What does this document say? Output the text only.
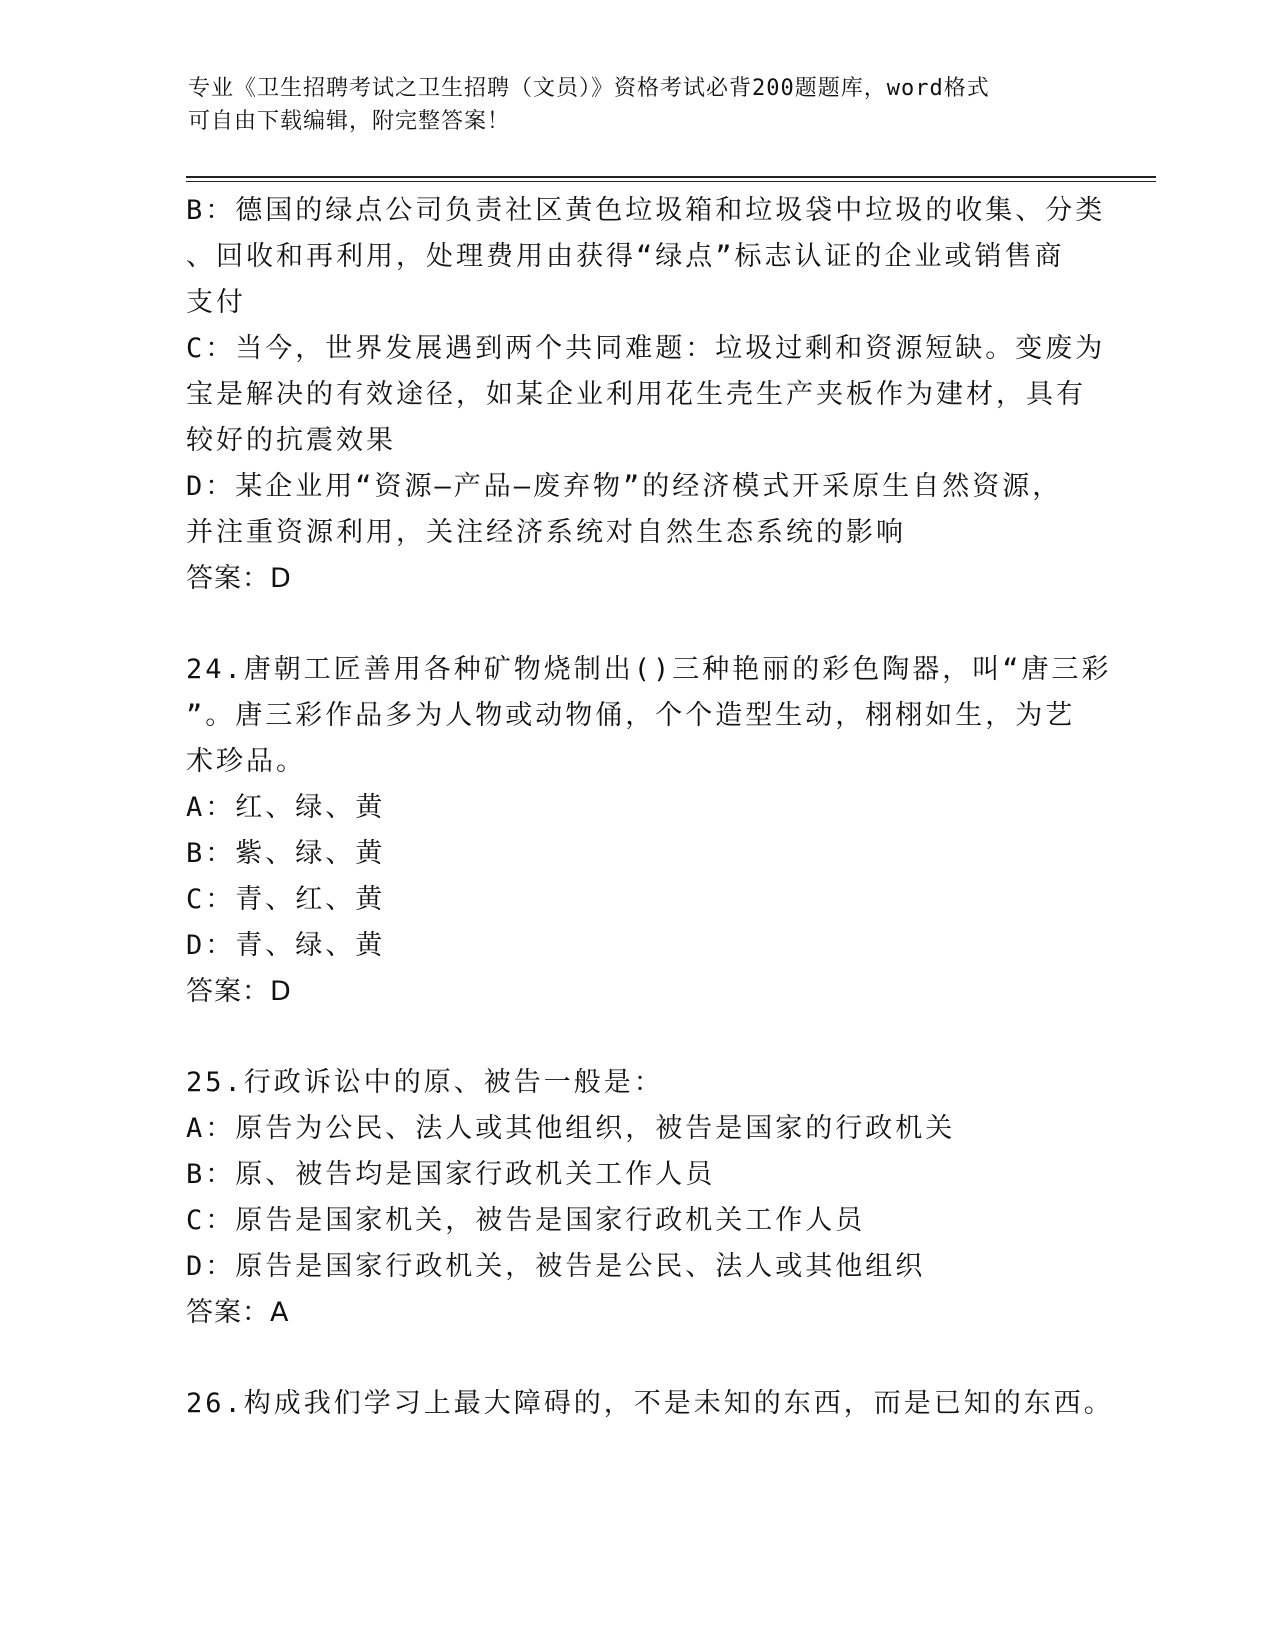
专业《卫生招聘考试之卫生招聘（文员）》资格考试必背200题题库，word格式
可自由下载编辑，附完整答案！
B：德国的绿点公司负责社区黄色垃圾箱和垃圾袋中垃圾的收集、分类
、回收和再利用，处理费用由获得“绿点”标志认证的企业或销售商
支付
C：当今，世界发展遇到两个共同难题：垃圾过剩和资源短缺。变废为
宝是解决的有效途径，如某企业利用花生壳生产夹板作为建材，具有
较好的抗震效果
D：某企业用“资源—产品—废弃物”的经济模式开采原生自然资源，
并注重资源利用，关注经济系统对自然生态系统的影响
答案：D
24.唐朝工匠善用各种矿物烧制出()三种艳丽的彩色陶器，叫“唐三彩
”。唐三彩作品多为人物或动物俑，个个造型生动，栩栩如生，为艺
术珍品。
A：红、绿、黄
B：紫、绿、黄
C：青、红、黄
D：青、绿、黄
答案：D
25.行政诉讼中的原、被告一般是：
A：原告为公民、法人或其他组织，被告是国家的行政机关
B：原、被告均是国家行政机关工作人员
C：原告是国家机关，被告是国家行政机关工作人员
D：原告是国家行政机关，被告是公民、法人或其他组织
答案：A
26.构成我们学习上最大障碍的，不是未知的东西，而是已知的东西。
